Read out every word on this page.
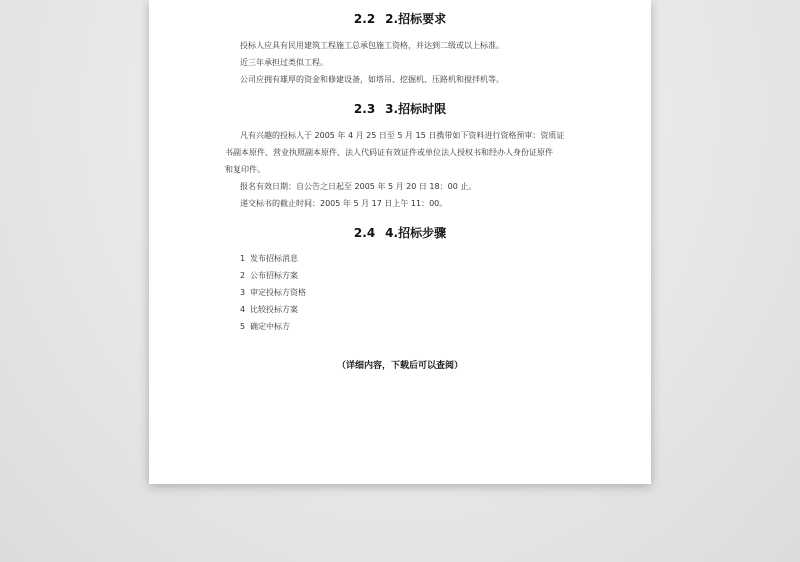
2.2 2.招标要求
投标人应具有民用建筑工程施工总承包施工资格，并达到二级或以上标准。
近三年承担过类似工程。
公司应拥有雄厚的资金和修建设备，如塔吊、挖掘机、压路机和搅拌机等。
2.3 3.招标时限
凡有兴趣的投标人于 2005 年 4 月 25 日至 5 月 15 日携带如下资料进行资格预审：资质证
书副本原件、营业执照副本原件、法人代码证有效证件或单位法人授权书和经办人身份证原件
和复印件。
报名有效日期：自公告之日起至 2005 年 5 月 20 日 18：00 止。
递交标书的截止时间：2005 年 5 月 17 日上午 11：00。
2.4 4.招标步骤
1 发布招标消息
2 公布招标方案
3 审定投标方资格
4 比较投标方案
5 确定中标方
（详细内容，下载后可以查阅）
